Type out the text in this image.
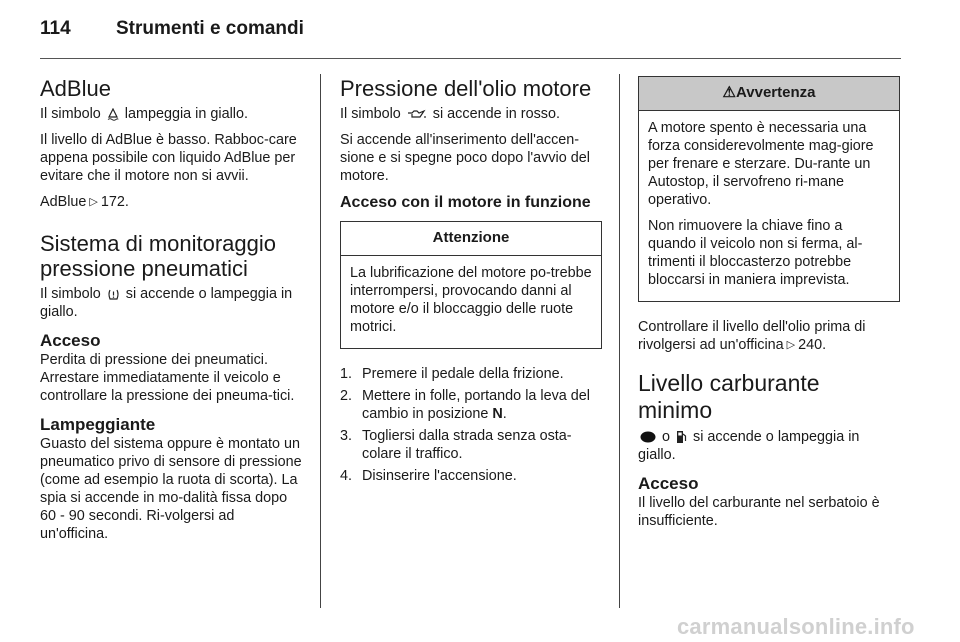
114 Strumenti e comandi
AdBlue

Il simbolo lampeggia in giallo.

Il livello di AdBlue è basso. Rabboc-care appena possibile con liquido AdBlue per evitare che il motore non si avvii.

AdBlue ▷ 172.

Sistema di monitoraggio
pressione pneumatici

Il simbolo si accende o lampeggia in giallo.

Acceso

Perdita di pressione dei pneumatici. Arrestare immediatamente il veicolo e controllare la pressione dei pneuma-tici.

Lampeggiante

Guasto del sistema oppure è montato un pneumatico privo di sensore di pressione (come ad esempio la ruota di scorta). La spia si accende in mo-dalità fissa dopo 60 - 90 secondi. Ri-volgersi ad un'officina.

Pressione dell'olio motore

Il simbolo si accende in rosso.

Si accende all'inserimento dell'accen-sione e si spegne poco dopo l'avvio del motore.

Acceso con il motore in funzione
Attenzione

La lubrificazione del motore po-trebbe interrompersi, provocando danni al motore e/o il bloccaggio delle ruote motrici.

1. Premere il pedale della frizione.
2. Mettere in folle, portando la leva del cambio in posizione N.
3. Togliersi dalla strada senza osta-colare il traffico.
4. Disinserire l'accensione.
⚠Avvertenza

A motore spento è necessaria una forza considerevolmente mag-giore per frenare e sterzare. Du-rante un Autostop, il servofreno ri-mane operativo.

Non rimuovere la chiave fino a quando il veicolo non si ferma, al-trimenti il bloccasterzo potrebbe bloccarsi in maniera imprevista.

Controllare il livello dell'olio prima di rivolgersi ad un'officina ▷ 240.

Livello carburante minimo

o si accende o lampeggia in giallo.

Acceso

Il livello del carburante nel serbatoio è insufficiente.

carmanualsonline.info
